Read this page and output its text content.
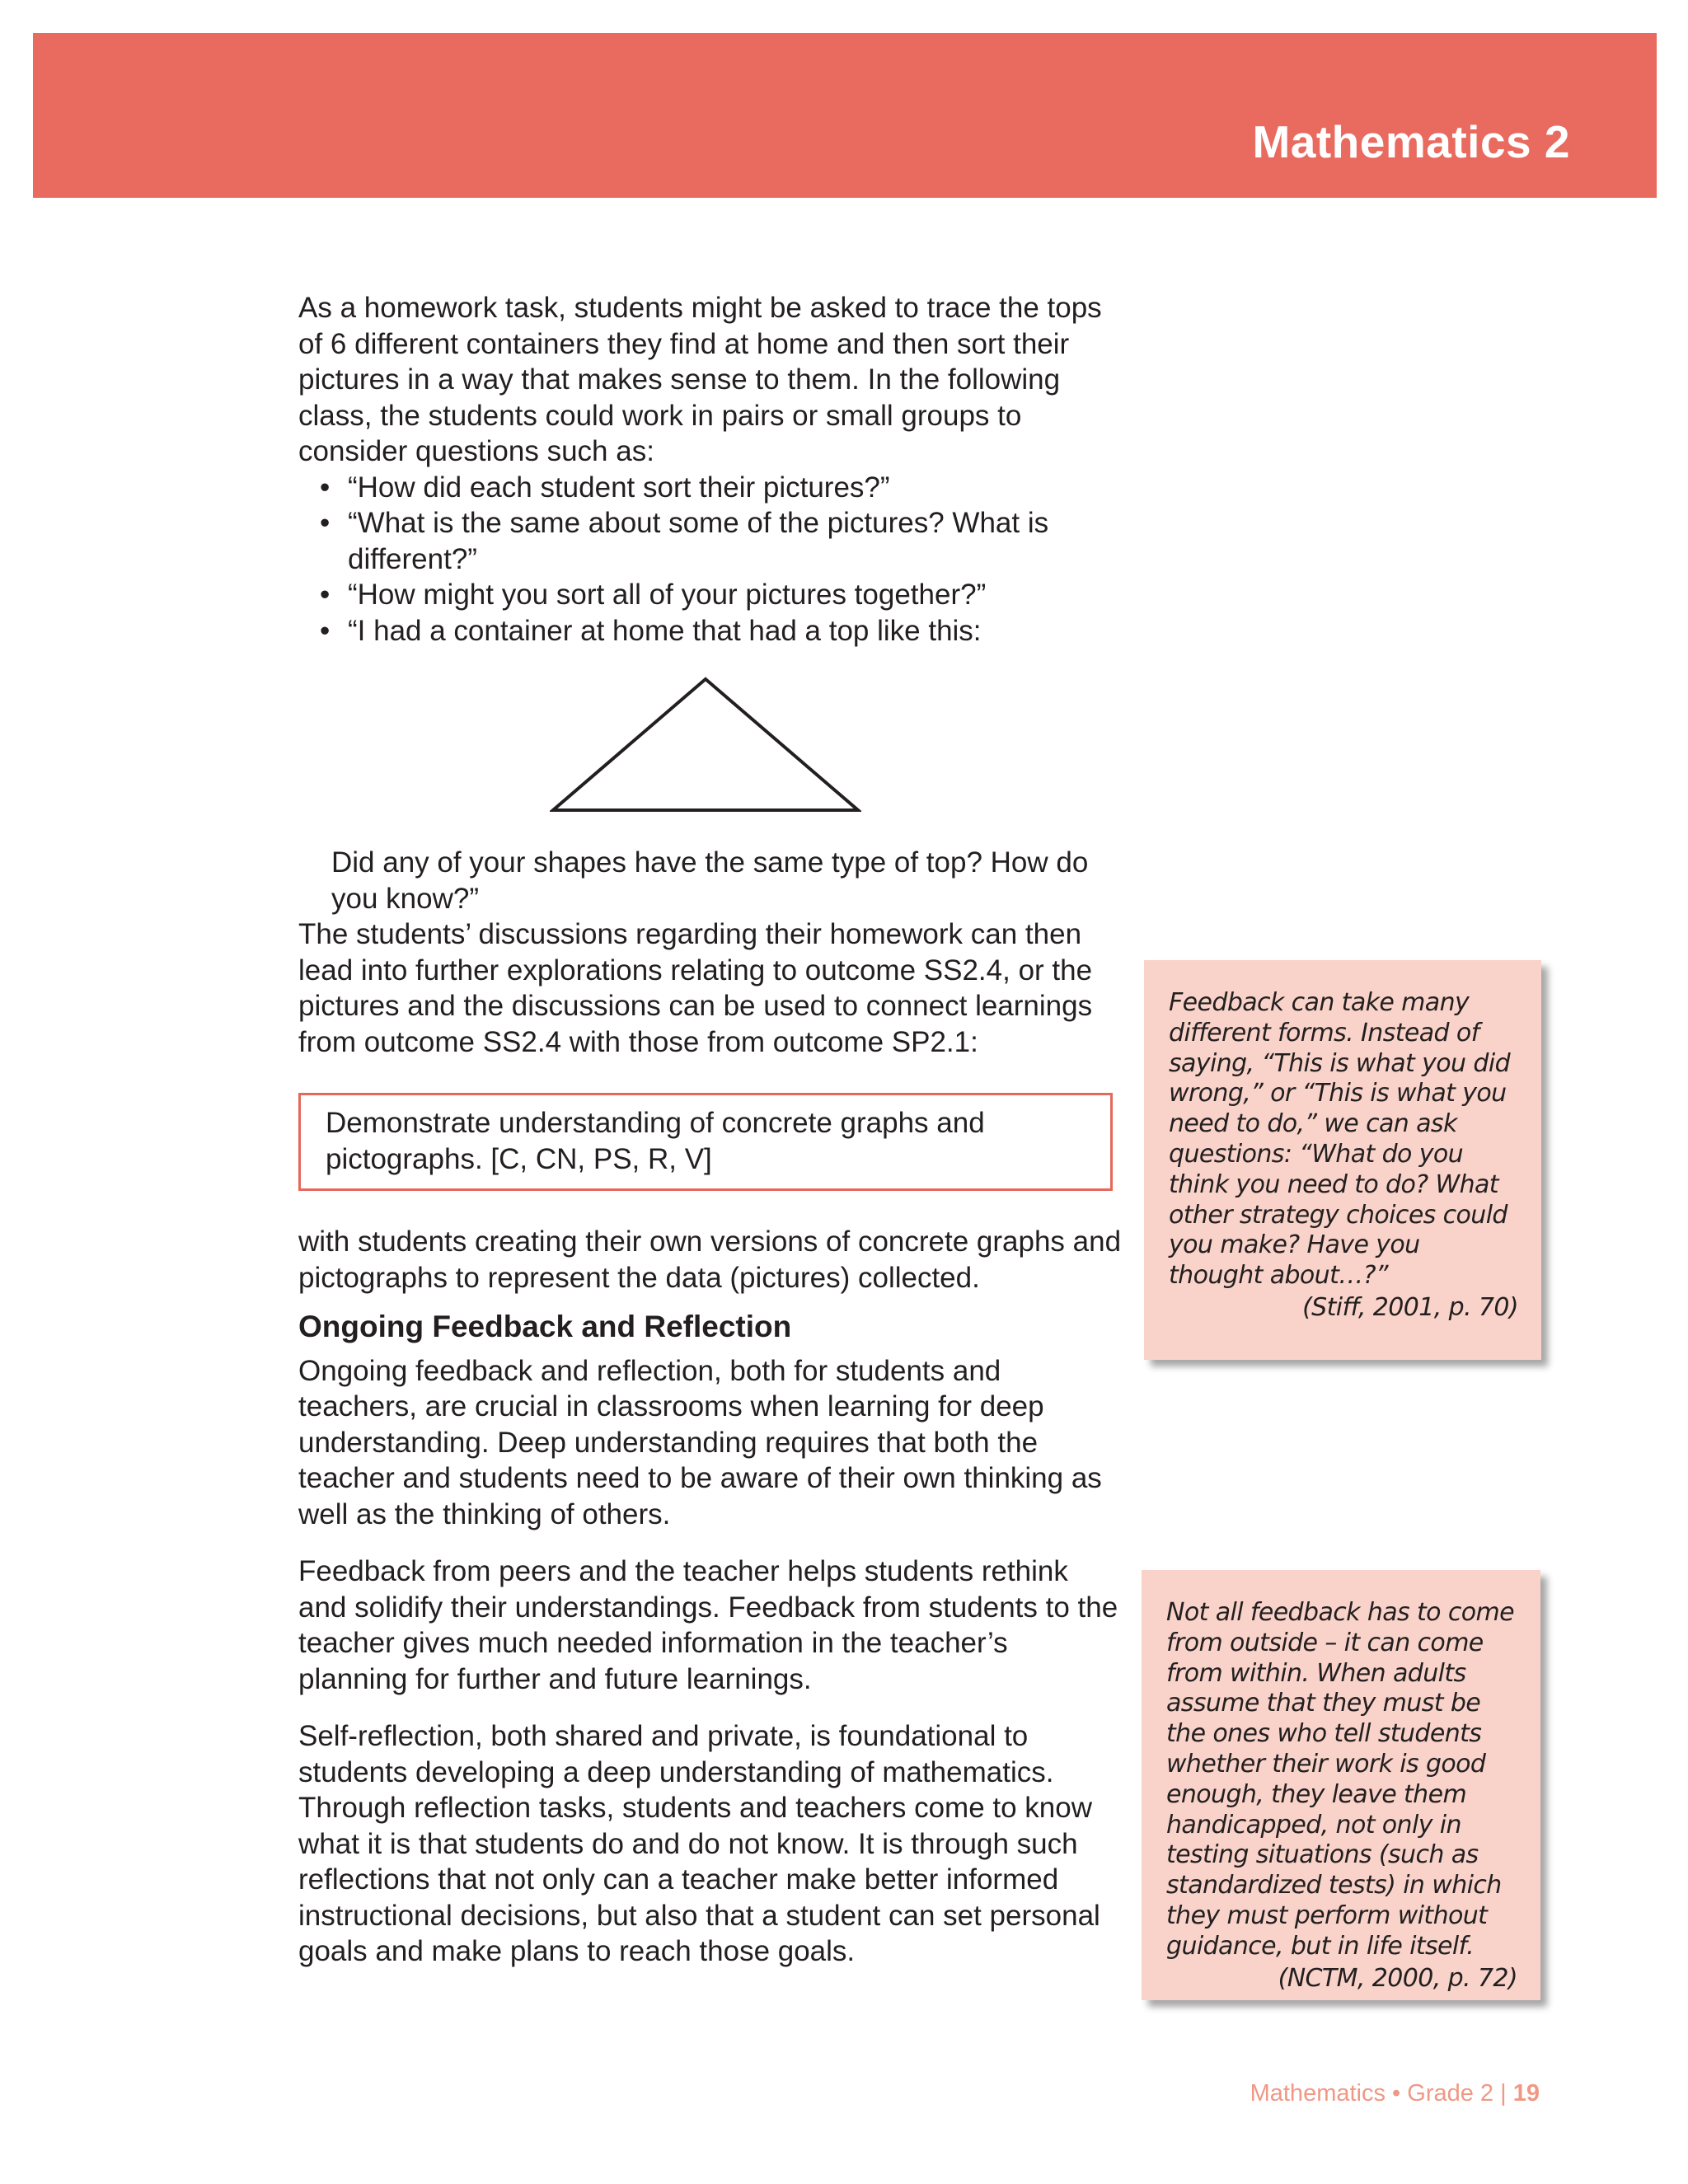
Mathematics 2

As a homework task, students might be asked to trace the tops of 6 different containers they find at home and then sort their pictures in a way that makes sense to them. In the following class, the students could work in pairs or small groups to consider questions such as:

• “How did each student sort their pictures?”
• “What is the same about some of the pictures? What is different?”
• “How might you sort all of your pictures together?”
• “I had a container at home that had a top like this:

Did any of your shapes have the same type of top? How do you know?”

The students’ discussions regarding their homework can then lead into further explorations relating to outcome SS2.4, or the pictures and the discussions can be used to connect learnings from outcome SS2.4 with those from outcome SP2.1:

Demonstrate understanding of concrete graphs and pictographs. [C, CN, PS, R, V]

with students creating their own versions of concrete graphs and pictographs to represent the data (pictures) collected.

Ongoing Feedback and Reflection

Ongoing feedback and reflection, both for students and teachers, are crucial in classrooms when learning for deep understanding. Deep understanding requires that both the teacher and students need to be aware of their own thinking as well as the thinking of others.

Feedback from peers and the teacher helps students rethink and solidify their understandings. Feedback from students to the teacher gives much needed information in the teacher’s planning for further and future learnings.

Self-reflection, both shared and private, is foundational to students developing a deep understanding of mathematics. Through reflection tasks, students and teachers come to know what it is that students do and do not know. It is through such reflections that not only can a teacher make better informed instructional decisions, but also that a student can set personal goals and make plans to reach those goals.

Feedback can take many different forms. Instead of saying, “This is what you did wrong,” or “This is what you need to do,” we can ask questions: “What do you think you need to do? What other strategy choices could you make? Have you thought about…?”
(Stiff, 2001, p. 70)
Not all feedback has to come from outside – it can come from within. When adults assume that they must be the ones who tell students whether their work is good enough, they leave them handicapped, not only in testing situations (such as standardized tests) in which they must perform without guidance, but in life itself.
(NCTM, 2000, p. 72)
Mathematics • Grade 2 | 19
